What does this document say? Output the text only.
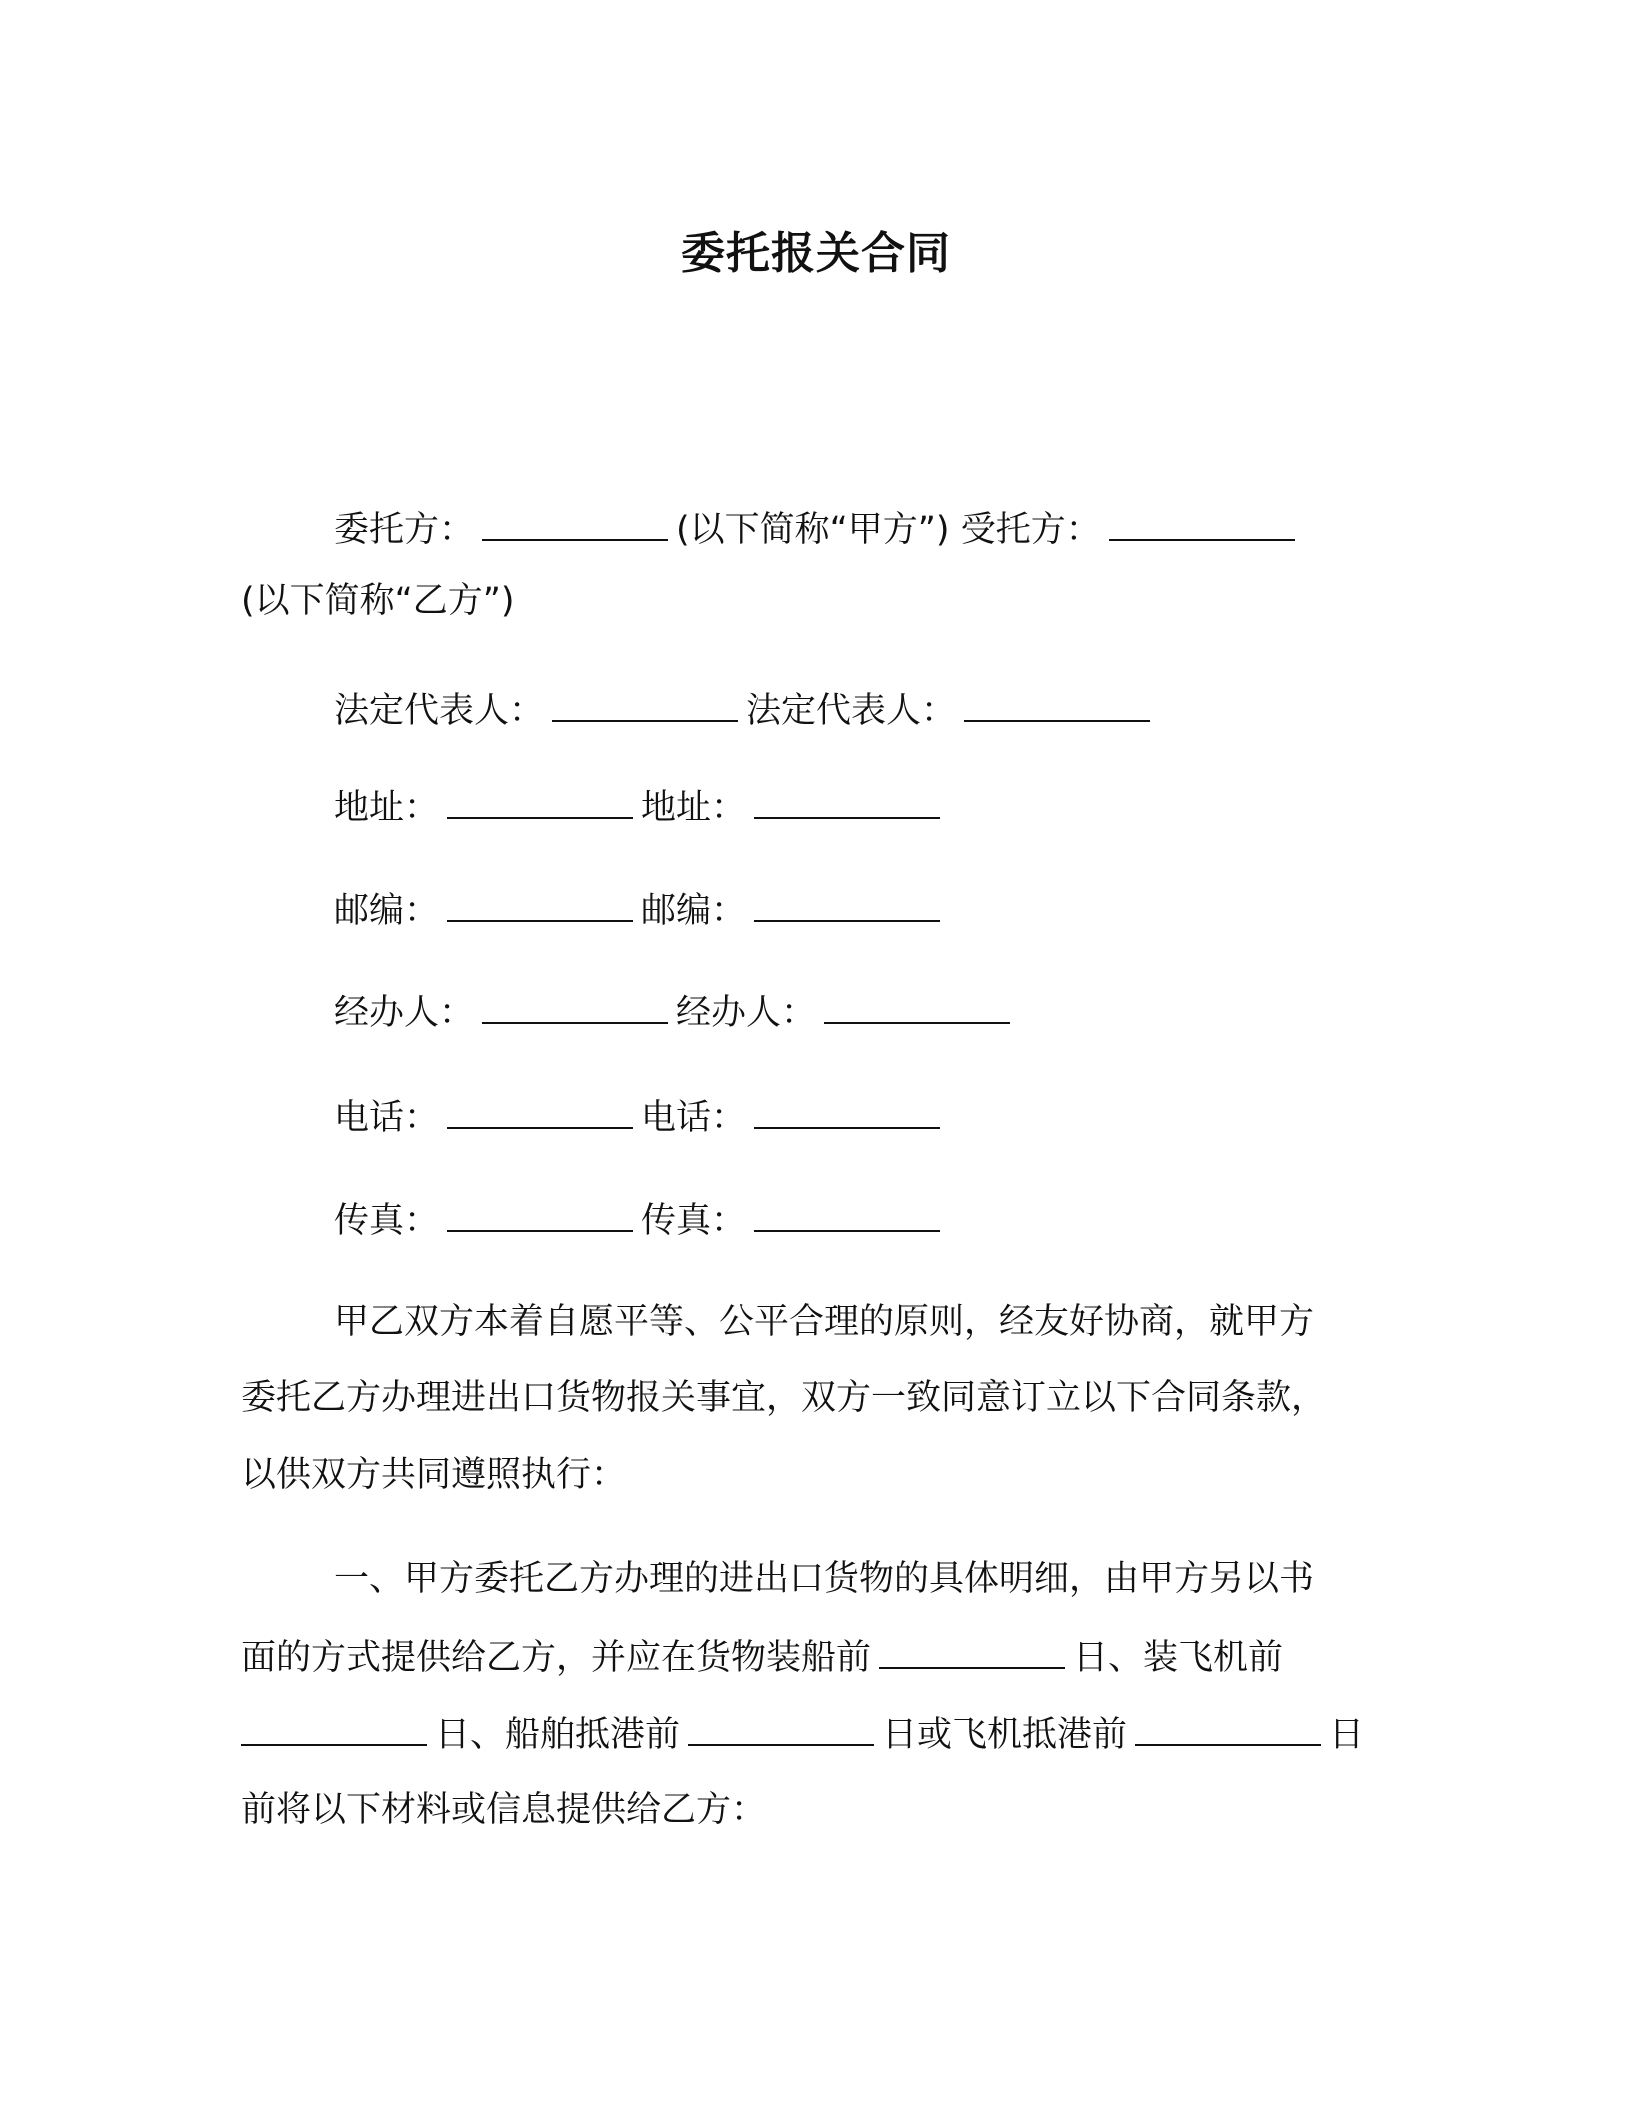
委托报关合同
委托方：	(以下简称“甲方”) 受托方：
(以下简称“乙方”)
法定代表人：	法定代表人：
地址：	地址：
邮编：	邮编：
经办人：	经办人：
电话：	电话：
传真：	传真：
甲乙双方本着自愿平等、公平合理的原则，经友好协商，就甲方
委托乙方办理进出口货物报关事宜，双方一致同意订立以下合同条款，
以供双方共同遵照执行：
一、甲方委托乙方办理的进出口货物的具体明细，由甲方另以书
面的方式提供给乙方，并应在货物装船前	日、装飞机前
日、船舶抵港前	日或飞机抵港前	日
前将以下材料或信息提供给乙方：
